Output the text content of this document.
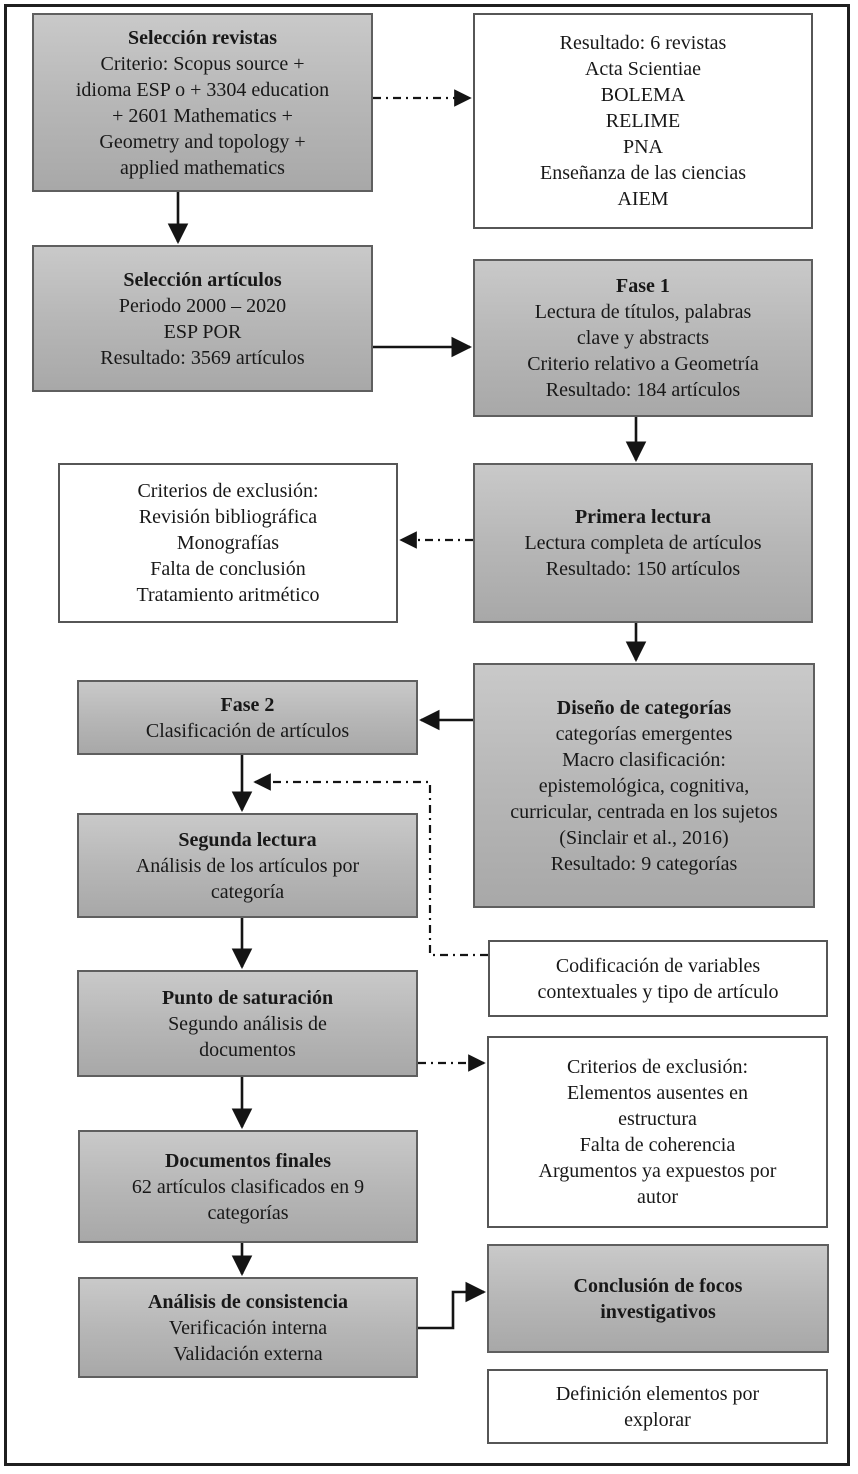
Selección revistas
Criterio: Scopus source +
idioma ESP o + 3304 education
+ 2601 Mathematics +
Geometry and topology +
applied mathematics
Resultado: 6 revistas
Acta Scientiae
BOLEMA
RELIME
PNA
Enseñanza de las ciencias
AIEM
Selección artículos
Periodo 2000 – 2020
ESP POR
Resultado: 3569 artículos
Fase 1
Lectura de títulos, palabras
clave y abstracts
Criterio relativo a Geometría
Resultado: 184 artículos
Criterios de exclusión:
Revisión bibliográfica
Monografías
Falta de conclusión
Tratamiento aritmético
Primera lectura
Lectura completa de artículos
Resultado: 150 artículos
Fase 2
Clasificación de artículos
Diseño de categorías
categorías emergentes
Macro clasificación:
epistemológica, cognitiva,
curricular, centrada en los sujetos
(Sinclair et al., 2016)
Resultado: 9 categorías
Segunda lectura
Análisis de los artículos por
categoría
Codificación de variables
contextuales y tipo de artículo
Punto de saturación
Segundo análisis de
documentos
Criterios de exclusión:
Elementos ausentes en
estructura
Falta de coherencia
Argumentos ya expuestos por
autor
Documentos finales
62 artículos clasificados en 9
categorías
Conclusión de focos
investigativos
Análisis de consistencia
Verificación interna
Validación externa
Definición elementos por
explorar
